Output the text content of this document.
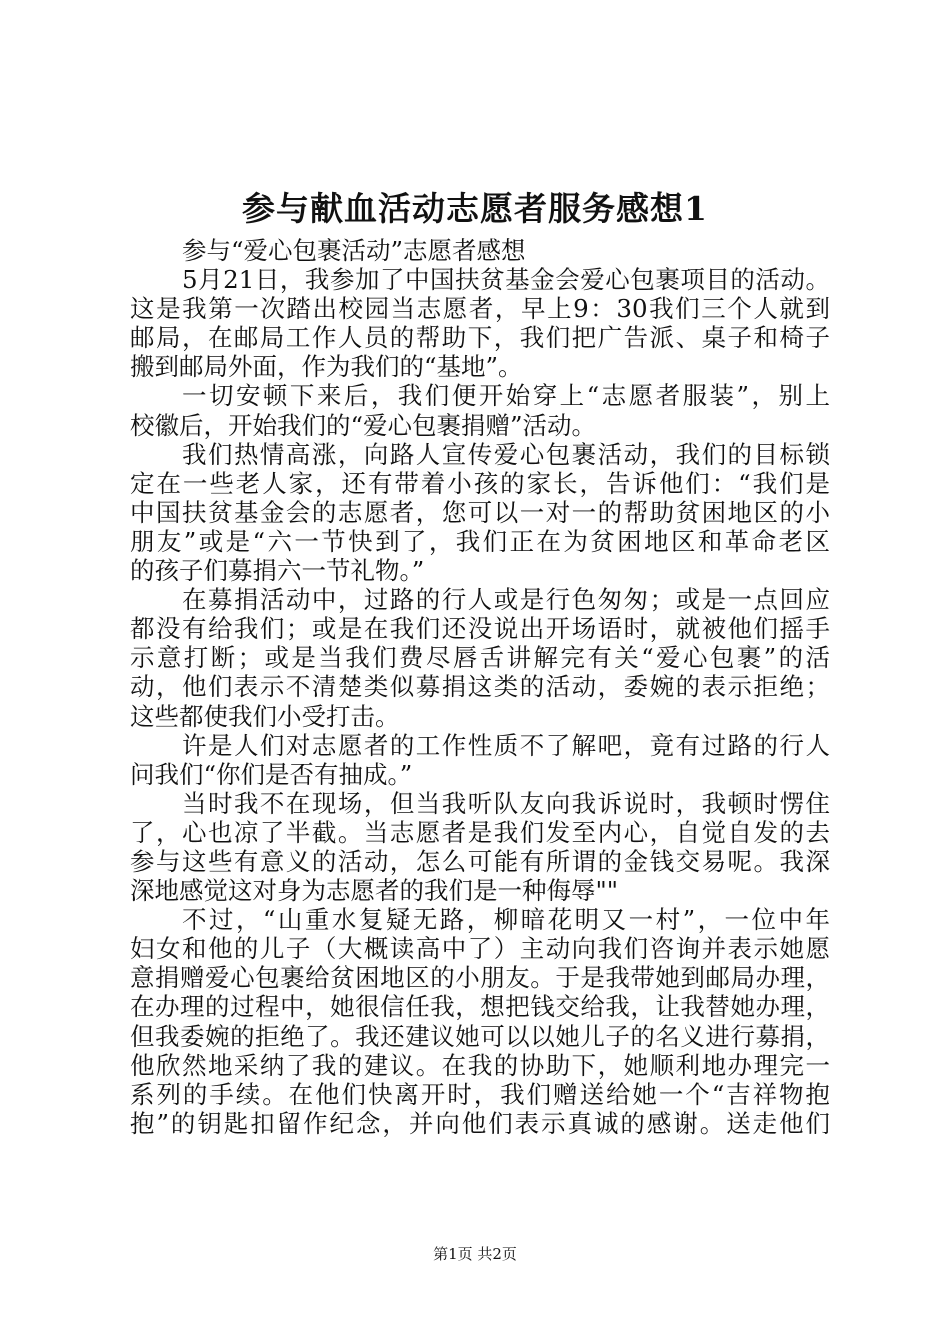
参与献血活动志愿者服务感想1
参与“爱心包裹活动”志愿者感想
5月21日，我参加了中国扶贫基金会爱心包裹项目的活动。
这是我第一次踏出校园当志愿者，早上9：30我们三个人就到
邮局，在邮局工作人员的帮助下，我们把广告派、桌子和椅子
搬到邮局外面，作为我们的“基地”。
一切安顿下来后，我们便开始穿上“志愿者服装”，别上
校徽后，开始我们的“爱心包裹捐赠”活动。
我们热情高涨，向路人宣传爱心包裹活动，我们的目标锁
定在一些老人家，还有带着小孩的家长，告诉他们：“我们是
中国扶贫基金会的志愿者，您可以一对一的帮助贫困地区的小
朋友”或是“六一节快到了，我们正在为贫困地区和革命老区
的孩子们募捐六一节礼物。”
在募捐活动中，过路的行人或是行色匆匆；或是一点回应
都没有给我们；或是在我们还没说出开场语时，就被他们摇手
示意打断；或是当我们费尽唇舌讲解完有关“爱心包裹”的活
动，他们表示不清楚类似募捐这类的活动，委婉的表示拒绝；
这些都使我们小受打击。
许是人们对志愿者的工作性质不了解吧，竟有过路的行人
问我们“你们是否有抽成。”
当时我不在现场，但当我听队友向我诉说时，我顿时愣住
了，心也凉了半截。当志愿者是我们发至内心，自觉自发的去
参与这些有意义的活动，怎么可能有所谓的金钱交易呢。我深
深地感觉这对身为志愿者的我们是一种侮辱""
不过，“山重水复疑无路，柳暗花明又一村”，一位中年
妇女和他的儿子（大概读高中了）主动向我们咨询并表示她愿
意捐赠爱心包裹给贫困地区的小朋友。于是我带她到邮局办理，
在办理的过程中，她很信任我，想把钱交给我，让我替她办理，
但我委婉的拒绝了。我还建议她可以以她儿子的名义进行募捐，
他欣然地采纳了我的建议。在我的协助下，她顺利地办理完一
系列的手续。在他们快离开时，我们赠送给她一个“吉祥物抱
抱”的钥匙扣留作纪念，并向他们表示真诚的感谢。送走他们
第1页 共2页
